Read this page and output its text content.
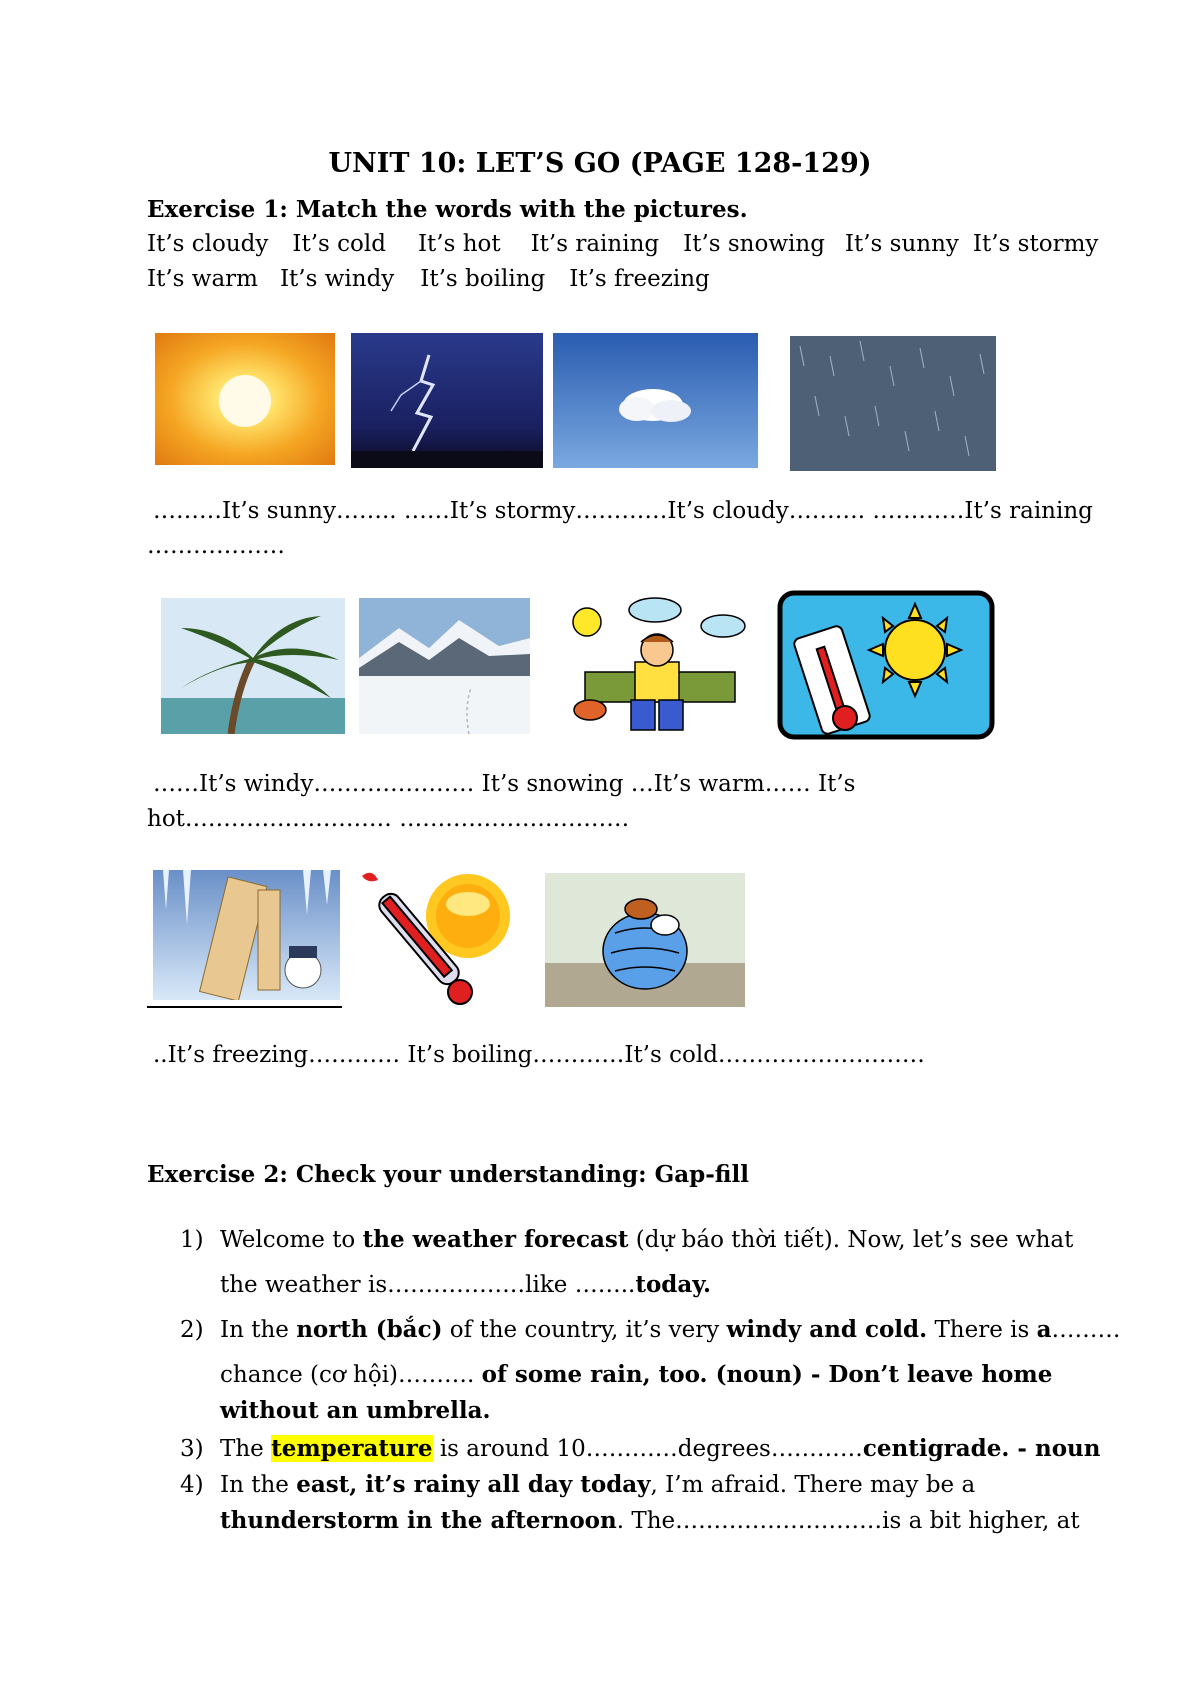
UNIT 10: LET’S GO (PAGE 128-129)
Exercise 1: Match the words with the pictures.
It’s cloudy It’s cold It’s hot It’s raining It’s snowing It’s sunny It’s stormy
It’s warm It’s windy It’s boiling It’s freezing
………It’s sunny…….. ……It’s stormy…………It’s cloudy………. …………It’s raining
………………
……It’s windy………………… It’s snowing …It’s warm…… It’s
hot……………………… …………………………
..It’s freezing………… It’s boiling…………It’s cold………………………
Exercise 2: Check your understanding: Gap-fill
1) Welcome to the weather forecast (dự báo thời tiết). Now, let’s see what
the weather is………………like ……..today.
2) In the north (bắc) of the country, it’s very windy and cold. There is a………
chance (cơ hội)………. of some rain, too. (noun) - Don’t leave home
without an umbrella.
3) The temperature is around 10…………degrees…………centigrade. - noun
4) In the east, it’s rainy all day today, I’m afraid. There may be a
thunderstorm in the afternoon. The………………………is a bit higher, at
